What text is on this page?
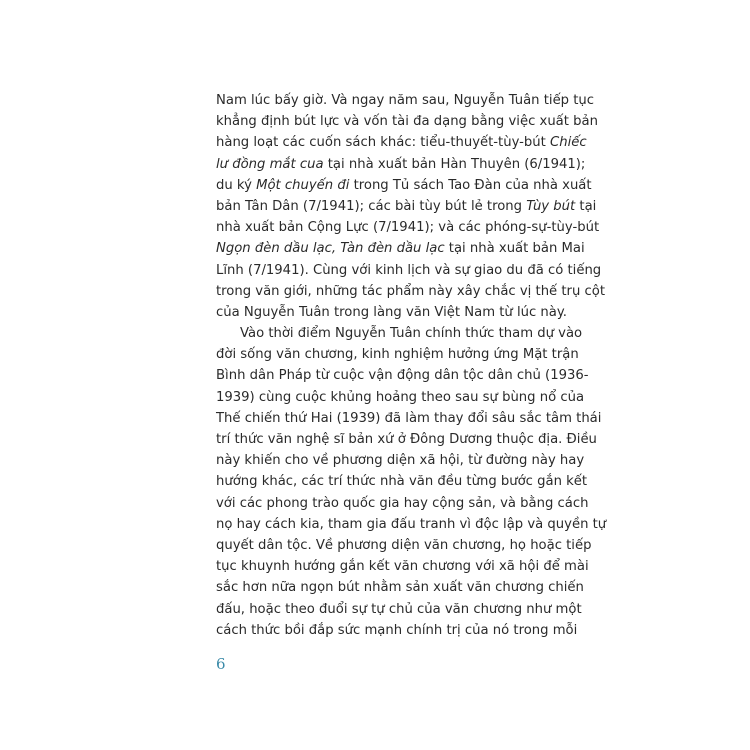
Nam lúc bấy giờ. Và ngay năm sau, Nguyễn Tuân tiếp tục
khẳng định bút lực và vốn tài đa dạng bằng việc xuất bản
hàng loạt các cuốn sách khác: tiểu-thuyết-tùy-bút Chiếc
lư đồng mắt cua tại nhà xuất bản Hàn Thuyên (6/1941);
du ký Một chuyến đi trong Tủ sách Tao Đàn của nhà xuất
bản Tân Dân (7/1941); các bài tùy bút lẻ trong Tùy bút tại
nhà xuất bản Cộng Lực (7/1941); và các phóng-sự-tùy-bút
Ngọn đèn dầu lạc, Tàn đèn dầu lạc tại nhà xuất bản Mai
Lĩnh (7/1941). Cùng với kinh lịch và sự giao du đã có tiếng
trong văn giới, những tác phẩm này xây chắc vị thế trụ cột
của Nguyễn Tuân trong làng văn Việt Nam từ lúc này.
Vào thời điểm Nguyễn Tuân chính thức tham dự vào
đời sống văn chương, kinh nghiệm hưởng ứng Mặt trận
Bình dân Pháp từ cuộc vận động dân tộc dân chủ (1936-
1939) cùng cuộc khủng hoảng theo sau sự bùng nổ của
Thế chiến thứ Hai (1939) đã làm thay đổi sâu sắc tâm thái
trí thức văn nghệ sĩ bản xứ ở Đông Dương thuộc địa. Điều
này khiến cho về phương diện xã hội, từ đường này hay
hướng khác, các trí thức nhà văn đều từng bước gắn kết
với các phong trào quốc gia hay cộng sản, và bằng cách
nọ hay cách kia, tham gia đấu tranh vì độc lập và quyền tự
quyết dân tộc. Về phương diện văn chương, họ hoặc tiếp
tục khuynh hướng gắn kết văn chương với xã hội để mài
sắc hơn nữa ngọn bút nhằm sản xuất văn chương chiến
đấu, hoặc theo đuổi sự tự chủ của văn chương như một
cách thức bồi đắp sức mạnh chính trị của nó trong mỗi
6
